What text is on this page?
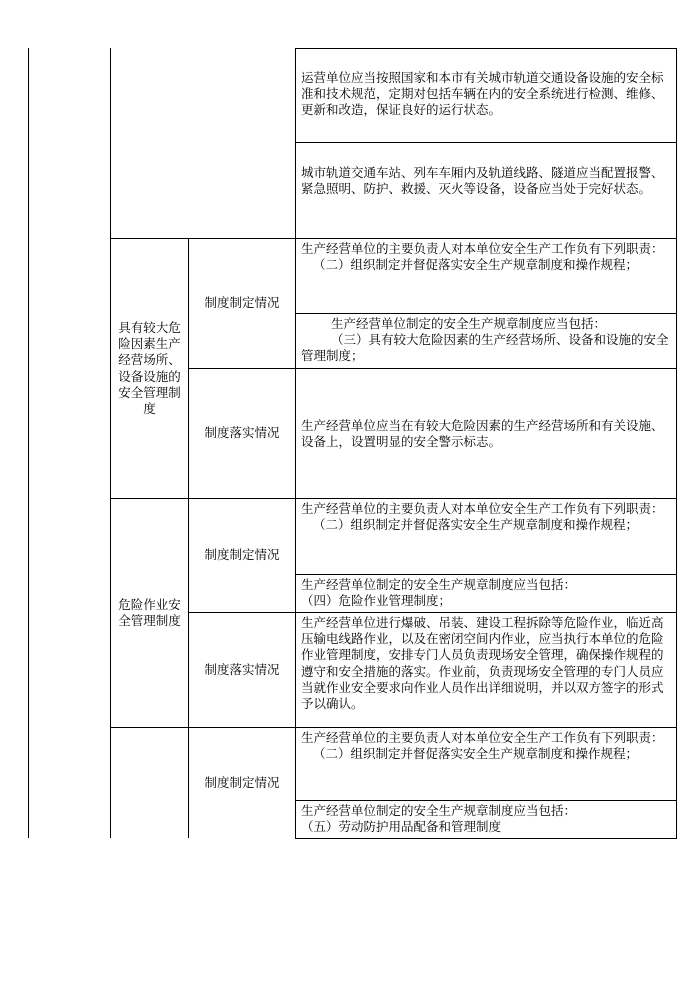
运营单位应当按照国家和本市有关城市轨道交通设备设施的安全标准和技术规范，定期对包括车辆在内的安全系统进行检测、维修、更新和改造，保证良好的运行状态。

城市轨道交通车站、列车车厢内及轨道线路、隧道应当配置报警、紧急照明、防护、救援、灭火等设备，设备应当处于完好状态。

具有较大危险因素生产经营场所、设备设施的安全管理制度
制度制定情况
制度落实情况

生产经营单位的主要负责人对本单位安全生产工作负有下列职责：

（二）组织制定并督促落实安全生产规章制度和操作规程；

生产经营单位制定的安全生产规章制度应当包括：

（三）具有较大危险因素的生产经营场所、设备和设施的安全管理制度；

生产经营单位应当在有较大危险因素的生产经营场所和有关设施、设备上，设置明显的安全警示标志。

危险作业安全管理制度
制度制定情况
制度落实情况

生产经营单位的主要负责人对本单位安全生产工作负有下列职责：

（二）组织制定并督促落实安全生产规章制度和操作规程；

生产经营单位制定的安全生产规章制度应当包括：

（四）危险作业管理制度；

生产经营单位进行爆破、吊装、建设工程拆除等危险作业，临近高压输电线路作业，以及在密闭空间内作业，应当执行本单位的危险作业管理制度，安排专门人员负责现场安全管理，确保操作规程的遵守和安全措施的落实。作业前，负责现场安全管理的专门人员应当就作业安全要求向作业人员作出详细说明，并以双方签字的形式予以确认。

制度制定情况

生产经营单位的主要负责人对本单位安全生产工作负有下列职责：

（二）组织制定并督促落实安全生产规章制度和操作规程；

生产经营单位制定的安全生产规章制度应当包括：

（五）劳动防护用品配备和管理制度
